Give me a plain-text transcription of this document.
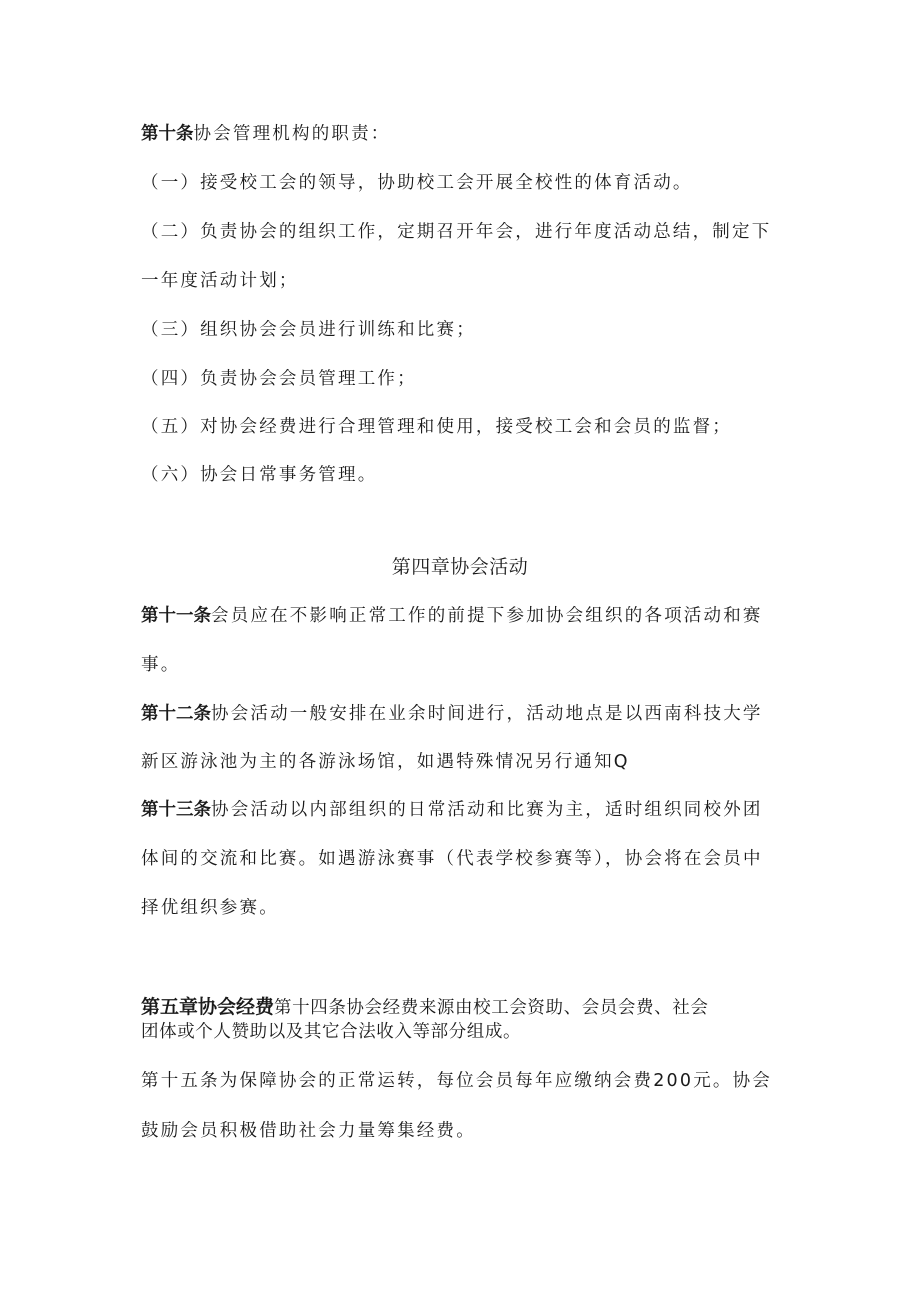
第十条协会管理机构的职责：
（一）接受校工会的领导，协助校工会开展全校性的体育活动。
（二）负责协会的组织工作，定期召开年会，进行年度活动总结，制定下
一年度活动计划；
（三）组织协会会员进行训练和比赛；
（四）负责协会会员管理工作；
（五）对协会经费进行合理管理和使用，接受校工会和会员的监督；
（六）协会日常事务管理。
第四章协会活动
第十一条会员应在不影响正常工作的前提下参加协会组织的各项活动和赛
事。
第十二条协会活动一般安排在业余时间进行，活动地点是以西南科技大学
新区游泳池为主的各游泳场馆，如遇特殊情况另行通知Q
第十三条协会活动以内部组织的日常活动和比赛为主，适时组织同校外团
体间的交流和比赛。如遇游泳赛事（代表学校参赛等），协会将在会员中
择优组织参赛。
第五章协会经费第十四条协会经费来源由校工会资助、会员会费、社会
团体或个人赞助以及其它合法收入等部分组成。
第十五条为保障协会的正常运转，每位会员每年应缴纳会费200元。协会
鼓励会员积极借助社会力量筹集经费。
